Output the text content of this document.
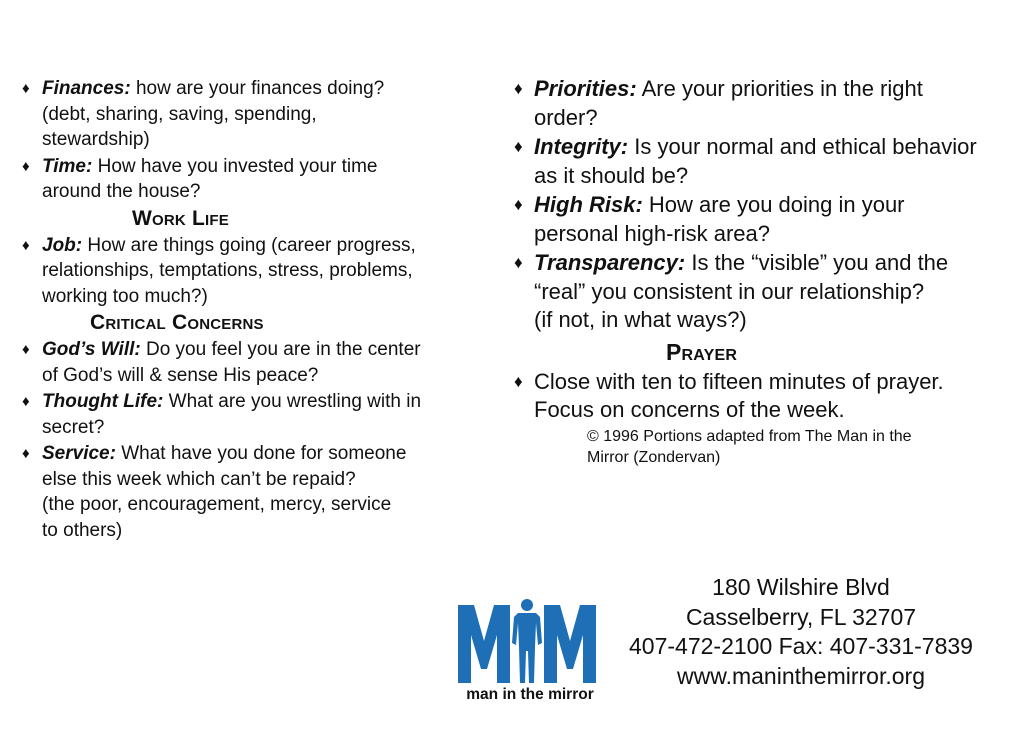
♦ Finances: how are your finances doing?
(debt, sharing, saving, spending,
stewardship)
♦ Time: How have you invested your time
around the house?
Work Life
♦ Job: How are things going (career progress,
relationships, temptations, stress, problems,
working too much?)
Critical Concerns
♦ God’s Will: Do you feel you are in the center
of God’s will & sense His peace?
♦ Thought Life: What are you wrestling with in
secret?
♦ Service: What have you done for someone
else this week which can’t be repaid?
(the poor, encouragement, mercy, service
to others)
♦ Priorities: Are your priorities in the right
order?
♦ Integrity: Is your normal and ethical behavior
as it should be?
♦ High Risk: How are you doing in your
personal high-risk area?
♦ Transparency: Is the “visible” you and the
“real” you consistent in our relationship?
(if not, in what ways?)
Prayer
♦ Close with ten to fifteen minutes of prayer.
Focus on concerns of the week.
© 1996 Portions adapted from The Man in the
Mirror (Zondervan)
man in the mirror
180 Wilshire Blvd
Casselberry, FL 32707
407-472-2100 Fax: 407-331-7839
www.maninthemirror.org
